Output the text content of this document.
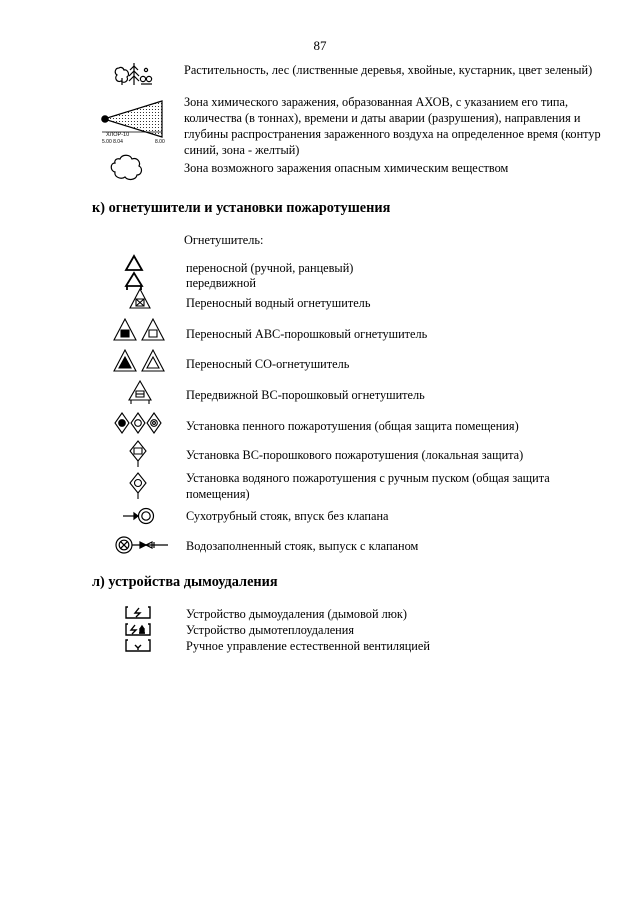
87
Растительность, лес (лиственные деревья, хвойные, кустарник, цвет зеленый)
ХЛОР-10
5.00 8.04	8.00
Зона химического заражения, образованная АХОВ, с указанием его типа, количества (в тоннах), времени и даты аварии (разрушения), направления и глубины распространения зараженного воздуха на определенное время (контур синий, зона - желтый)
Зона возможного заражения опасным химическим веществом
к) огнетушители и установки пожаротушения
Огнетушитель:
переносной (ручной, ранцевый)
передвижной
Переносный водный огнетушитель
Переносный АВС-порошковый огнетушитель
Переносный СО-огнетушитель
Передвижной ВС-порошковый огнетушитель
Установка пенного пожаротушения (общая защита помещения)
Установка ВС-порошкового пожаротушения (локальная защита)
Установка водяного пожаротушения с ручным пуском (общая защита помещения)
Сухотрубный стояк, впуск без клапана
Водозаполненный стояк, выпуск с клапаном
л) устройства дымоудаления
Устройство дымоудаления (дымовой люк)
Устройство дымотеплоудаления
Ручное управление естественной вентиляцией
